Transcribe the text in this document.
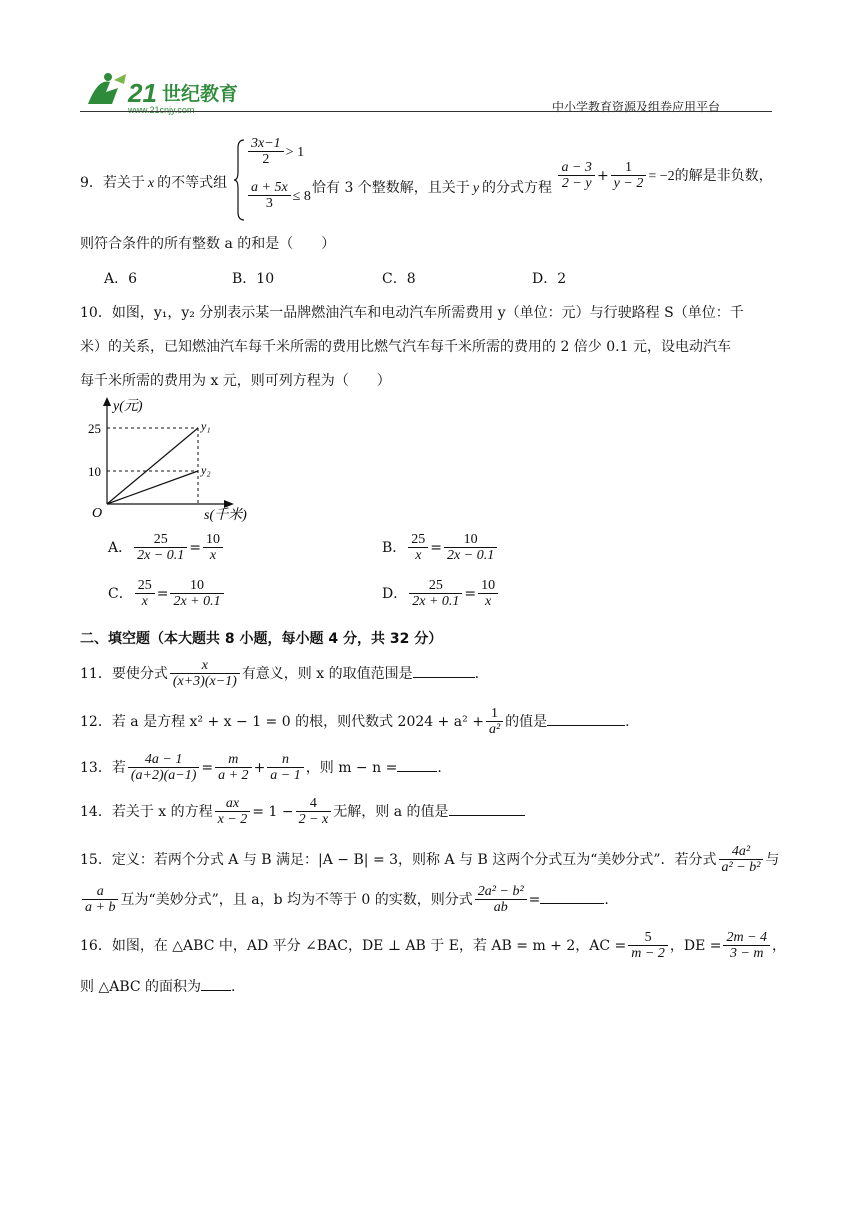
21 世纪教育
www.21cnjy.com	中小学教育资源及组卷应用平台
9．若关于 x 的不等式组
$\frac{3x-1}{2} > 1$
$\frac{a + 5x}{3} \le 8$
恰有 3 个整数解，且关于 y 的分式方程 $\frac{a - 3}{2 - y} + \frac{1}{y - 2} = -2$的解是非负数，
则符合条件的所有整数 a 的和是（　　）
A．6	B．10	C．8	D．2
10．如图，y₁，y₂ 分别表示某一品牌燃油汽车和电动汽车所需费用 y（单位：元）与行驶路程 S（单位：千
米）的关系，已知燃油汽车每千米所需的费用比燃气汽车每千米所需的费用的 2 倍少 0.1 元，设电动汽车
每千米所需的费用为 x 元，则可列方程为（　　）
y(元)
25
10
O
y₁
y₂
s(千米)
A． $\frac{25}{2x - 0.1} = \frac{10}{x}$	B． $\frac{25}{x} = \frac{10}{2x - 0.1}$
C． $\frac{25}{x} = \frac{10}{2x + 0.1}$	D． $\frac{25}{2x + 0.1} = \frac{10}{x}$
二、填空题（本大题共 8 小题，每小题 4 分，共 32 分）
11．要使分式 $\frac{x}{(x+3)(x-1)}$ 有意义，则 x 的取值范围是	.
12．若 a 是方程 x² + x − 1 = 0 的根，则代数式 $2024 + a^2 + \frac{1}{\text{a²}}$ 的值是	.
13．若 $\frac{4a - 1}{(a+2)(a-1)} = \frac{m}{a + 2} + \frac{n}{a - 1}$ ，则 m − n =	.
14．若关于 x 的方程 $\frac{ax}{x - 2} = 1 - \frac{4}{2 - x}$ 无解，则 a 的值是
15．定义：若两个分式 A 与 B 满足：|A − B| = 3，则称 A 与 B 这两个分式互为“美妙分式”．若分式 $\frac{\text{4a²}}{\text{a² − b²}}$ 与
$\frac{a}{a + b}$ 互为“美妙分式”，且 a，b 均为不等于 0 的实数，则分式 $\frac{\text{2a² − b²}}{ab}$ =	.
16．如图，在 △ABC 中，AD 平分 ∠BAC，DE ⊥ AB 于 E，若 AB = m + 2，AC = $\frac{5}{m - 2}$ ，DE = $\frac{2m - 4}{3 - m}$ ，
则 △ABC 的面积为 .
